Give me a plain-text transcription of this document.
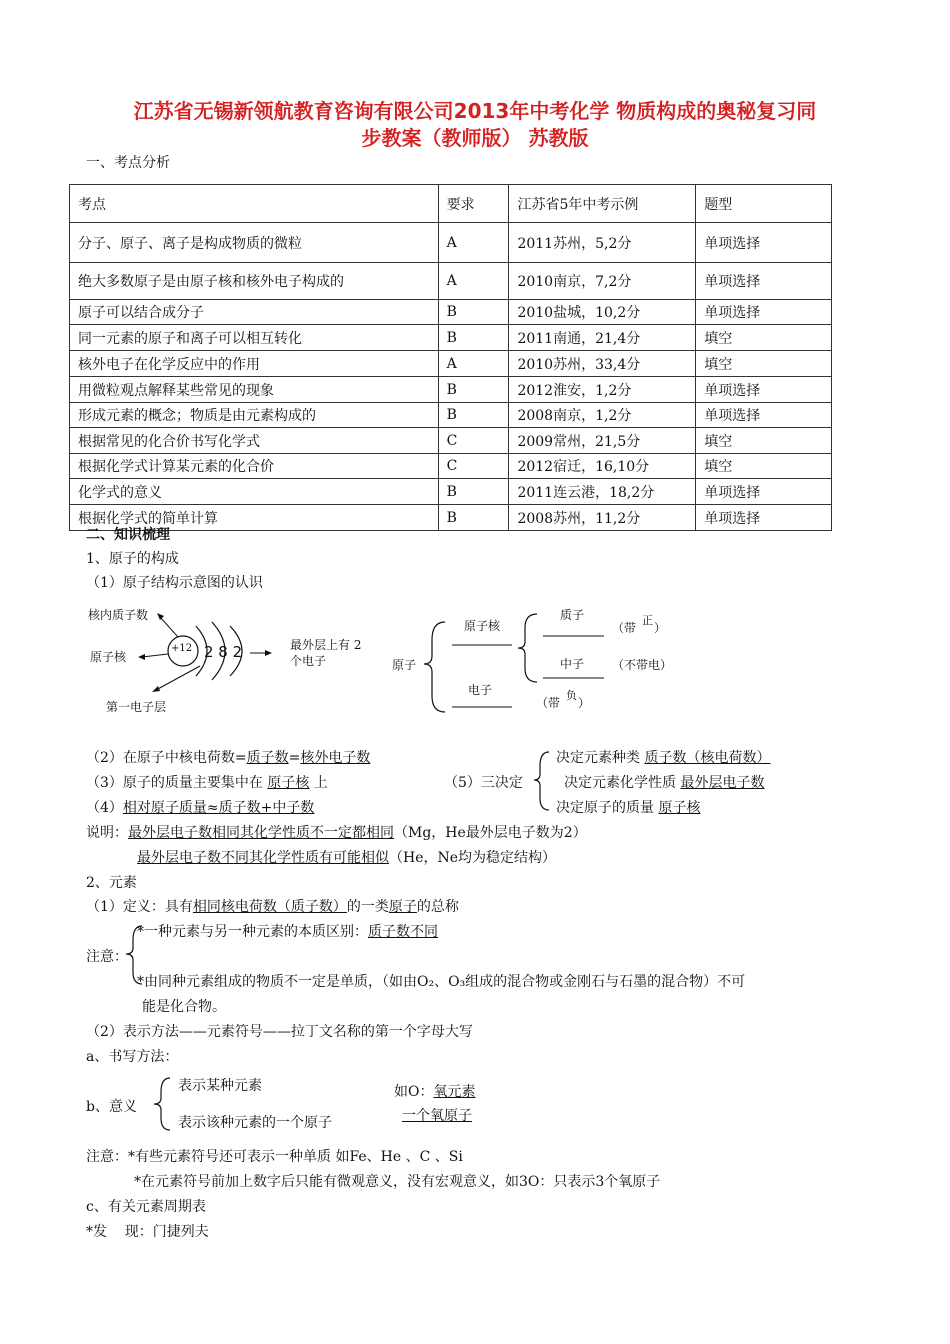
江苏省无锡新领航教育咨询有限公司2013年中考化学 物质构成的奥秘复习同
步教案（教师版） 苏教版
一、考点分析
考点	要求	江苏省5年中考示例	题型
分子、原子、离子是构成物质的微粒	A	2011苏州，5,2分	单项选择
绝大多数原子是由原子核和核外电子构成的	A	2010南京，7,2分	单项选择
原子可以结合成分子	B	2010盐城，10,2分	单项选择
同一元素的原子和离子可以相互转化	B	2011南通，21,4分	填空
核外电子在化学反应中的作用	A	2010苏州，33,4分	填空
用微粒观点解释某些常见的现象	B	2012淮安，1,2分	单项选择
形成元素的概念；物质是由元素构成的	B	2008南京，1,2分	单项选择
根据常见的化合价书写化学式	C	2009常州，21,5分	填空
根据化学式计算某元素的化合价	C	2012宿迁，16,10分	填空
化学式的意义	B	2011连云港，18,2分	单项选择
根据化学式的简单计算	B	2008苏州，11,2分	单项选择
二、知识梳理
1、原子的构成
（1）原子结构示意图的认识
核内质子数
原子核
第一电子层
+12 2 8 2	最外层上有 2
个电子	原子
原子核
质子
（带
正
）
中子 （不带电）
电子
（带
负
）
（2）在原子中核电荷数=质子数=核外电子数
（3）原子的质量主要集中在 原子核 上
（4）相对原子质量≈质子数+中子数
（5）三决定
决定元素种类 质子数（核电荷数）
决定元素化学性质 最外层电子数
决定原子的质量 原子核
说明：最外层电子数相同其化学性质不一定都相同（Mg，He最外层电子数为2）
最外层电子数不同其化学性质有可能相似（He，Ne均为稳定结构）
2、元素
（1）定义：具有相同核电荷数（质子数）的一类原子的总称
注意：
*一种元素与另一种元素的本质区别：质子数不同
*由同种元素组成的物质不一定是单质，（如由O₂、O₃组成的混合物或金刚石与石墨的混合物）不可
能是化合物。
（2）表示方法——元素符号——拉丁文名称的第一个字母大写
a、书写方法：
b、意义
表示某种元素
表示该种元素的一个原子
如O：氧元素
一个氧原子
注意：*有些元素符号还可表示一种单质 如Fe、He 、C 、Si
*在元素符号前加上数字后只能有微观意义，没有宏观意义，如3O：只表示3个氧原子
c、有关元素周期表
*发    现：门捷列夫
